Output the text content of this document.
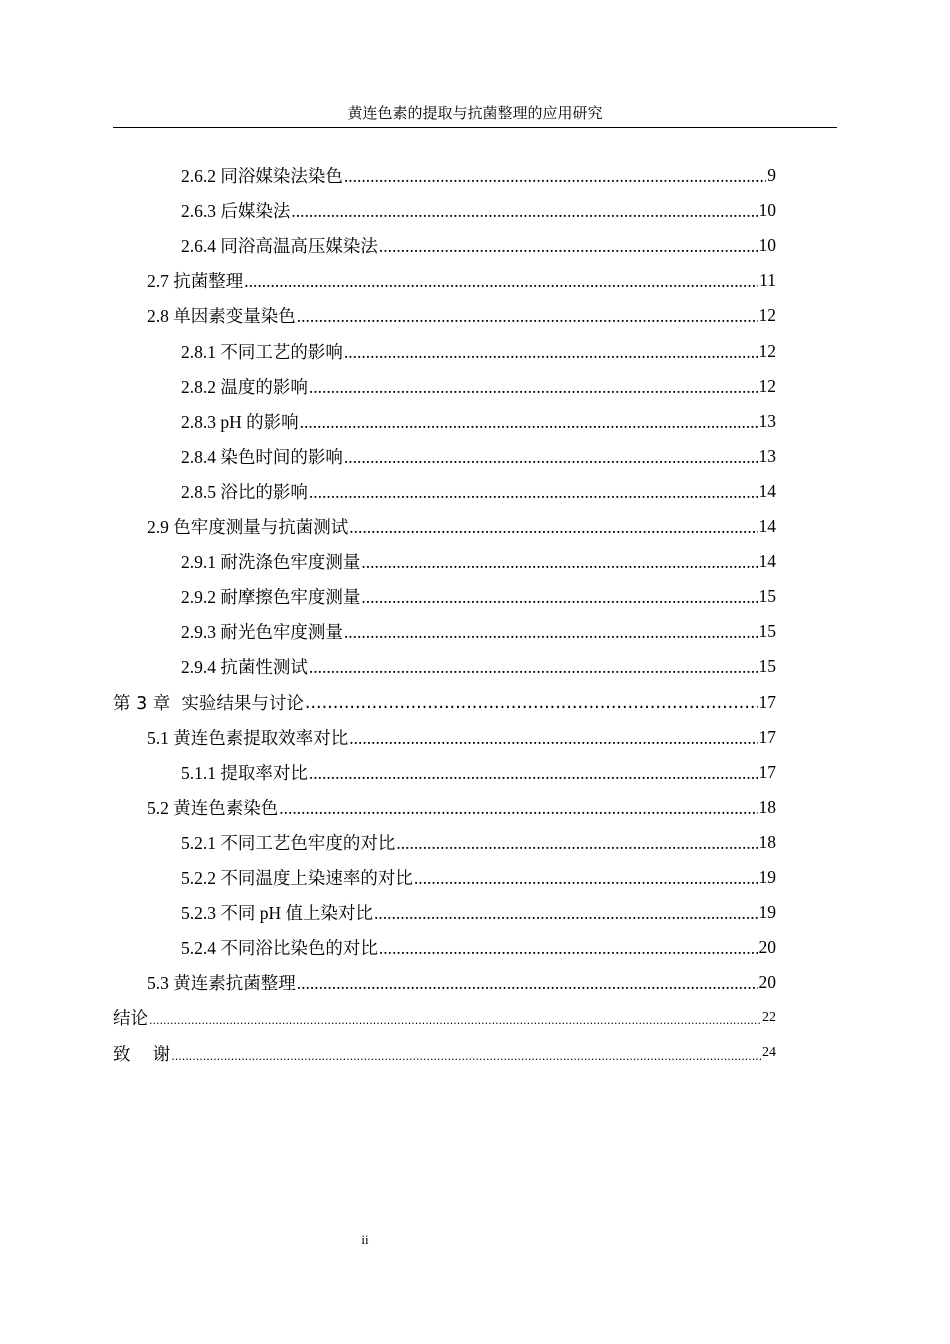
黄连色素的提取与抗菌整理的应用研究
2.6.2 同浴媒染法染色 .....	9
2.6.3 后媒染法 .....	10
2.6.4 同浴高温高压媒染法 .....	10
2.7 抗菌整理 .....	11
2.8 单因素变量染色 .....	12
2.8.1 不同工艺的影响 .....	12
2.8.2 温度的影响 .....	12
2.8.3 pH 的影响 .....	13
2.8.4 染色时间的影响 .....	13
2.8.5 浴比的影响 .....	14
2.9 色牢度测量与抗菌测试 .....	14
2.9.1 耐洗涤色牢度测量 .....	14
2.9.2 耐摩擦色牢度测量 .....	15
2.9.3 耐光色牢度测量 .....	15
2.9.4 抗菌性测试 .....	15
第 3 章  实验结果与讨论 .....	17
5.1 黄连色素提取效率对比 .....	17
5.1.1 提取率对比 .....	17
5.2 黄连色素染色 .....	18
5.2.1 不同工艺色牢度的对比 .....	18
5.2.2 不同温度上染速率的对比 .....	19
5.2.3 不同 pH 值上染对比 .....	19
5.2.4 不同浴比染色的对比 .....	20
5.3 黄连素抗菌整理 .....	20
结论 .....	22
致    谢 .....	24
ii
